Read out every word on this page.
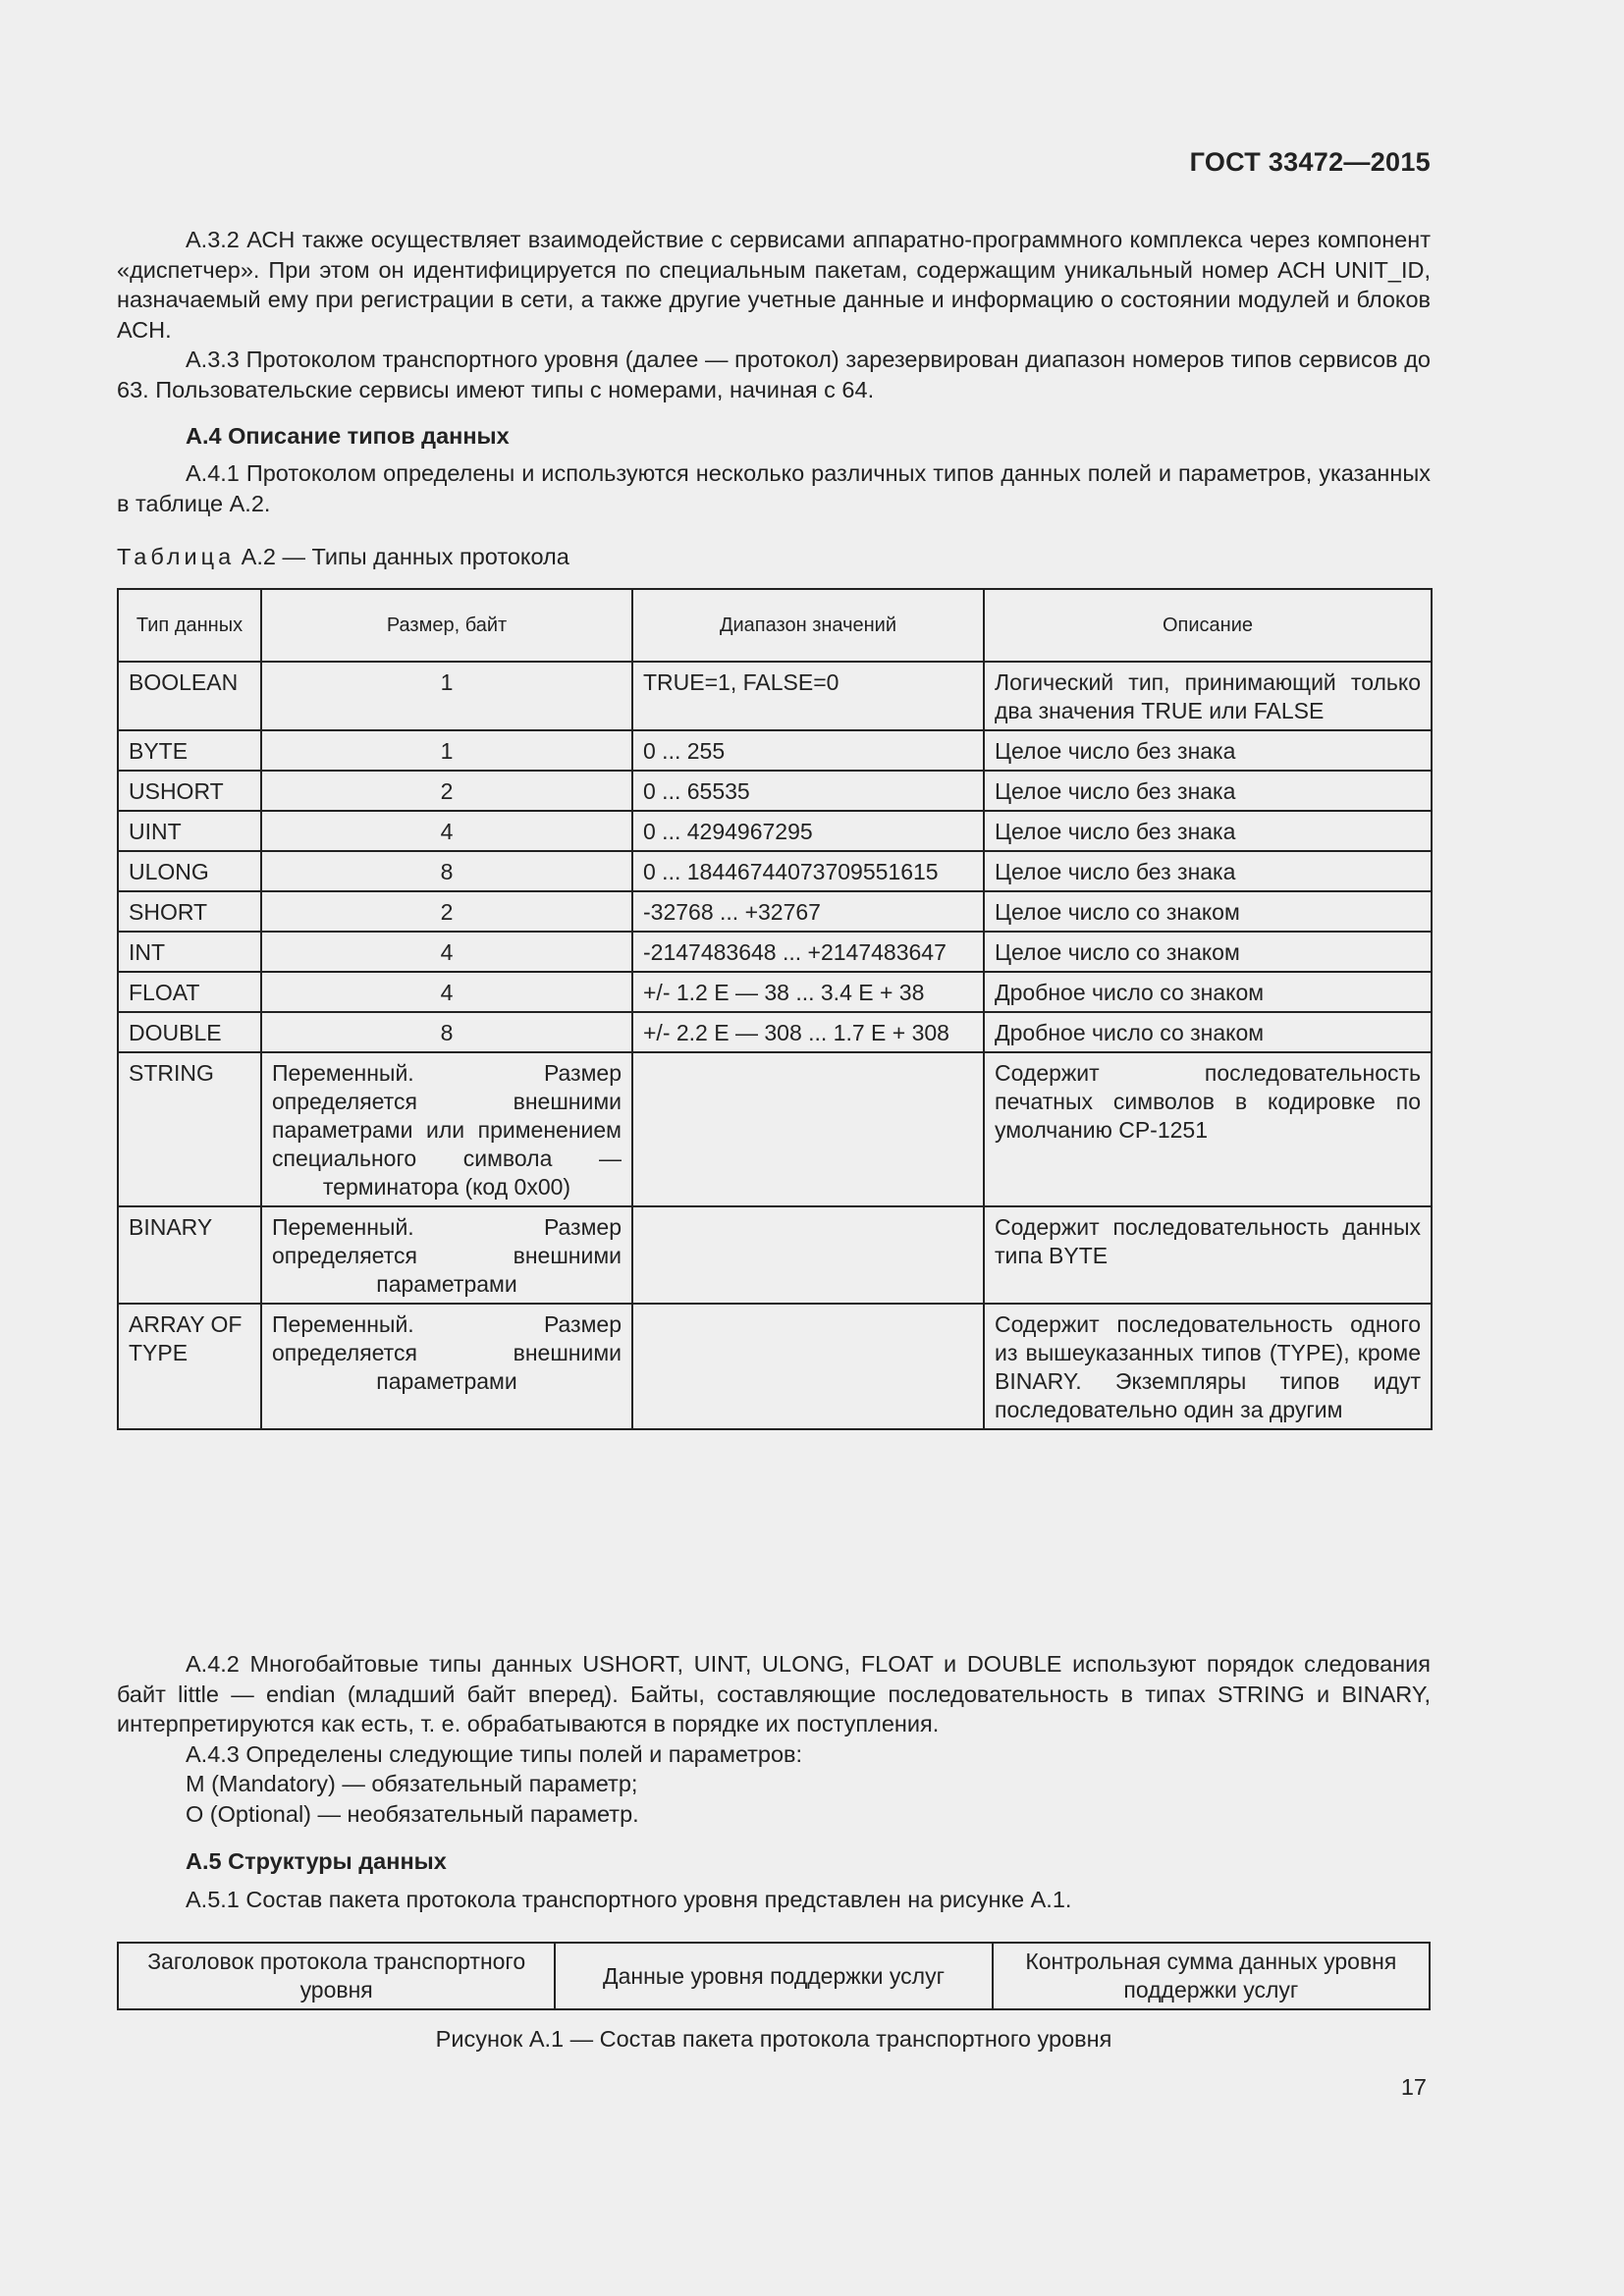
ГОСТ 33472—2015

А.3.2 АСН также осуществляет взаимодействие с сервисами аппаратно-программного комплекса через компонент «диспетчер». При этом он идентифицируется по специальным пакетам, содержащим уникальный номер АСН UNIT_ID, назначаемый ему при регистрации в сети, а также другие учетные данные и информацию о состоянии модулей и блоков АСН.

А.3.3 Протоколом транспортного уровня (далее — протокол) зарезервирован диапазон номеров типов сервисов до 63. Пользовательские сервисы имеют типы с номерами, начиная с 64.

А.4 Описание типов данных

А.4.1 Протоколом определены и используются несколько различных типов данных полей и параметров, указанных в таблице А.2.

Таблица А.2 — Типы данных протокола
Тип данных	Размер, байт	Диапазон значений	Описание
BOOLEAN	1	TRUE=1, FALSE=0	Логический тип, принимающий только два значения TRUE или FALSE
BYTE	1	0 ... 255	Целое число без знака
USHORT	2	0 ... 65535	Целое число без знака
UINT	4	0 ... 4294967295	Целое число без знака
ULONG	8	0 ... 18446744073709551615	Целое число без знака
SHORT	2	-32768 ... +32767	Целое число со знаком
INT	4	-2147483648 ... +2147483647	Целое число со знаком
FLOAT	4	+/- 1.2 E — 38 ... 3.4 E + 38	Дробное число со знаком
DOUBLE	8	+/- 2.2 E — 308 ... 1.7 E + 308	Дробное число со знаком
STRING	Переменный. Размер определяется внешними параметрами или применением специального символа — терминатора (код 0x00)		Содержит последовательность печатных символов в кодировке по умолчанию CP-1251
BINARY	Переменный. Размер определяется внешними параметрами		Содержит последовательность данных типа BYTE
ARRAY OF TYPE	Переменный. Размер определяется внешними параметрами		Содержит последовательность одного из вышеуказанных типов (TYPE), кроме BINARY. Экземпляры типов идут последовательно один за другим

А.4.2 Многобайтовые типы данных USHORT, UINT, ULONG, FLOAT и DOUBLE используют порядок следования байт little — endian (младший байт вперед). Байты, составляющие последовательность в типах STRING и BINARY, интерпретируются как есть, т. е. обрабатываются в порядке их поступления.

А.4.3 Определены следующие типы полей и параметров:

M (Mandatory) — обязательный параметр;

O (Optional) — необязательный параметр.

А.5 Структуры данных

А.5.1 Состав пакета протокола транспортного уровня представлен на рисунке А.1.

Заголовок протокола транспортного уровня	Данные уровня поддержки услуг	Контрольная сумма данных уровня поддержки услуг
Рисунок А.1 — Состав пакета протокола транспортного уровня
17
